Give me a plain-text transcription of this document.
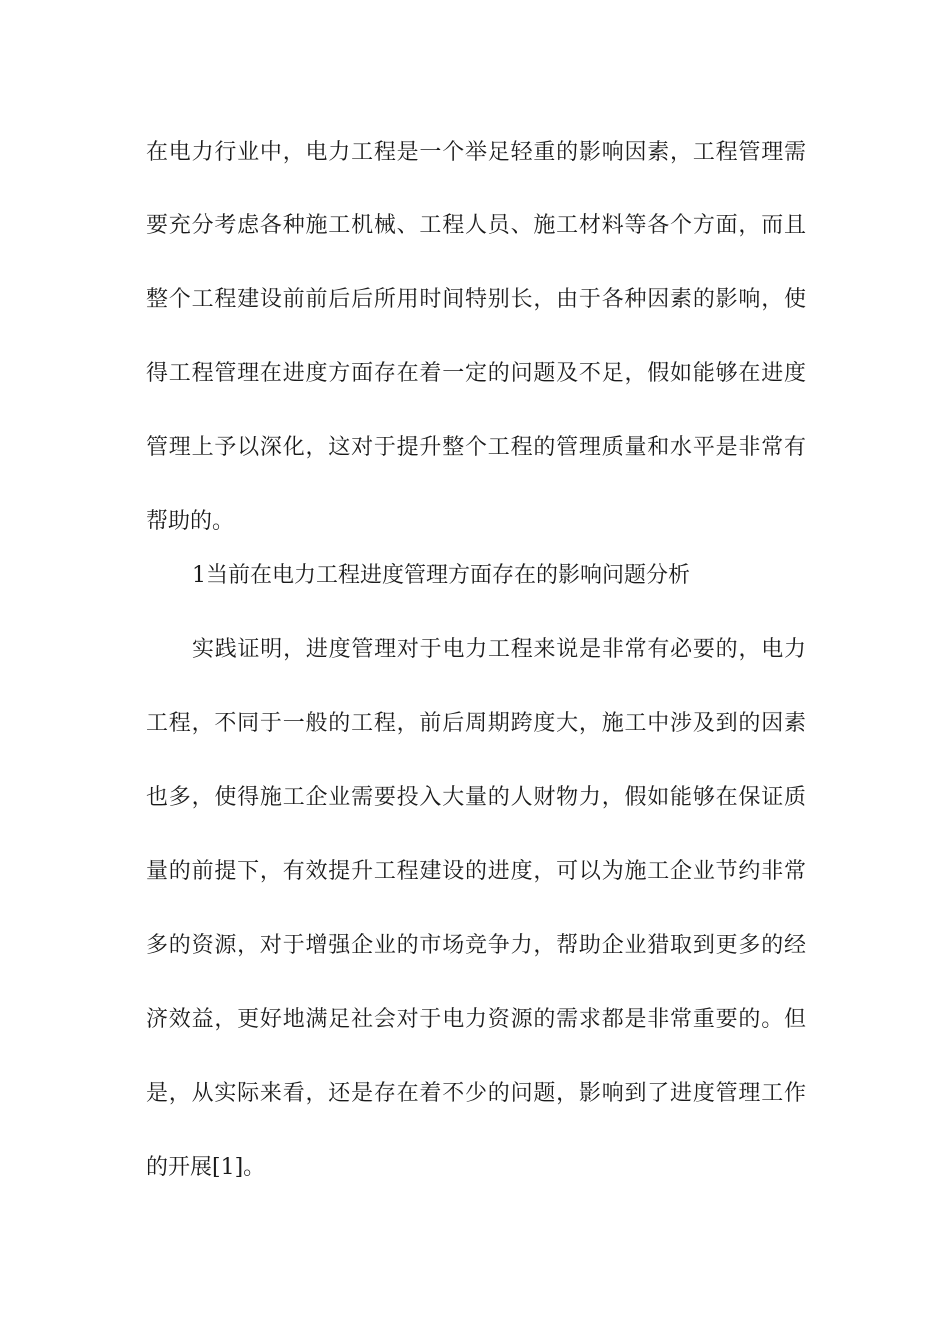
在电力行业中，电力工程是一个举足轻重的影响因素，工程管理需
要充分考虑各种施工机械、工程人员、施工材料等各个方面，而且
整个工程建设前前后后所用时间特别长，由于各种因素的影响，使
得工程管理在进度方面存在着一定的问题及不足，假如能够在进度
管理上予以深化，这对于提升整个工程的管理质量和水平是非常有
帮助的。
1当前在电力工程进度管理方面存在的影响问题分析
实践证明，进度管理对于电力工程来说是非常有必要的，电力
工程，不同于一般的工程，前后周期跨度大，施工中涉及到的因素
也多，使得施工企业需要投入大量的人财物力，假如能够在保证质
量的前提下，有效提升工程建设的进度，可以为施工企业节约非常
多的资源，对于增强企业的市场竞争力，帮助企业猎取到更多的经
济效益，更好地满足社会对于电力资源的需求都是非常重要的。但
是，从实际来看，还是存在着不少的问题，影响到了进度管理工作
的开展[1]。
